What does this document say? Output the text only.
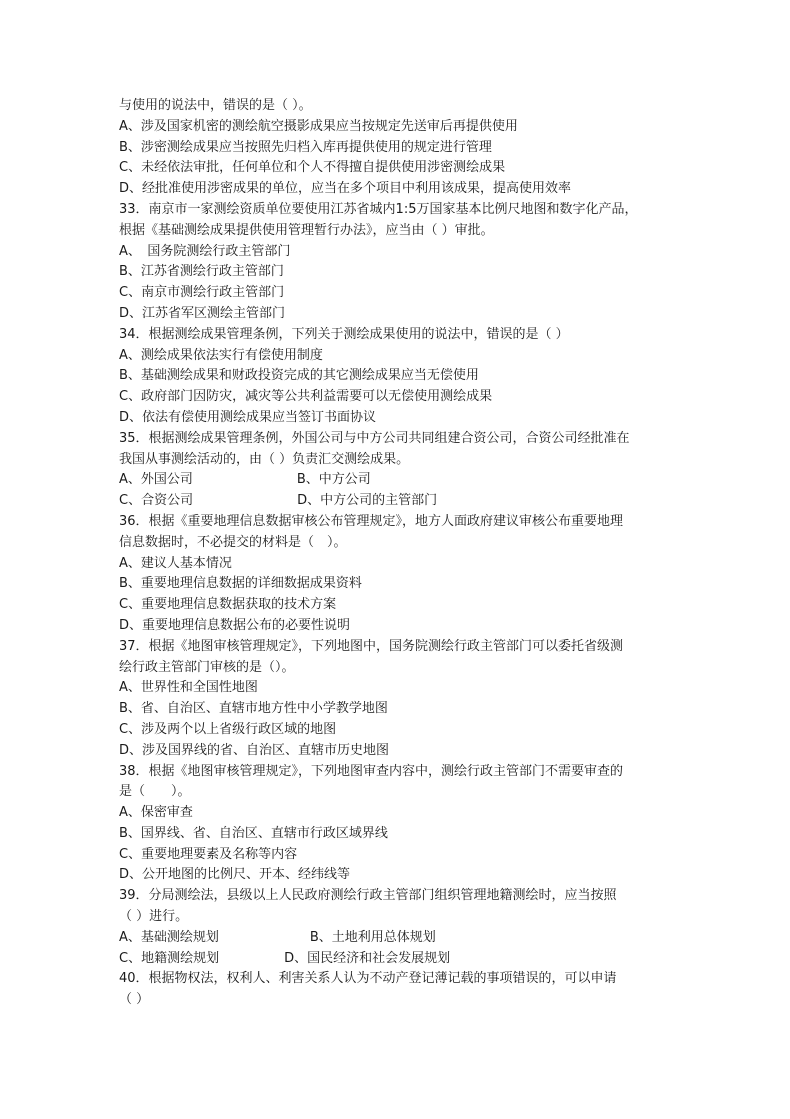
与使用的说法中，错误的是（ ）。
A、涉及国家机密的测绘航空摄影成果应当按规定先送审后再提供使用
B、涉密测绘成果应当按照先归档入库再提供使用的规定进行管理
C、未经依法审批，任何单位和个人不得擅自提供使用涉密测绘成果
D、经批准使用涉密成果的单位，应当在多个项目中利用该成果，提高使用效率
33．南京市一家测绘资质单位要使用江苏省城内1:5万国家基本比例尺地图和数字化产品，
根据《基础测绘成果提供使用管理暂行办法》，应当由（ ）审批。
A、　国务院测绘行政主管部门
B、江苏省测绘行政主管部门
C、南京市测绘行政主管部门
D、江苏省军区测绘主管部门
34．根据测绘成果管理条例，下列关于测绘成果使用的说法中，错误的是（ ）
A、测绘成果依法实行有偿使用制度
B、基础测绘成果和财政投资完成的其它测绘成果应当无偿使用
C、政府部门因防灾，减灾等公共利益需要可以无偿使用测绘成果
D、依法有偿使用测绘成果应当签订书面协议
35．根据测绘成果管理条例，外国公司与中方公司共同组建合资公司，合资公司经批准在
我国从事测绘活动的，由（ ）负责汇交测绘成果。
A、外国公司　　　　　　　　B、中方公司
C、合资公司　　　　　　　　D、中方公司的主管部门
36．根据《重要地理信息数据审核公布管理规定》，地方人面政府建议审核公布重要地理
信息数据时，不必提交的材料是（　）。
A、建议人基本情况
B、重要地理信息数据的详细数据成果资料
C、重要地理信息数据获取的技术方案
D、重要地理信息数据公布的必要性说明
37．根据《地图审核管理规定》，下列地图中，国务院测绘行政主管部门可以委托省级测
绘行政主管部门审核的是（）。
A、世界性和全国性地图
B、省、自治区、直辖市地方性中小学教学地图
C、涉及两个以上省级行政区域的地图
D、涉及国界线的省、自治区、直辖市历史地图
38．根据《地图审核管理规定》，下列地图审查内容中，测绘行政主管部门不需要审查的
是（　　）。
A、保密审查
B、国界线、省、自治区、直辖市行政区域界线
C、重要地理要素及名称等内容
D、公开地图的比例尺、开本、经纬线等
39．分局测绘法，县级以上人民政府测绘行政主管部门组织管理地籍测绘时，应当按照
（ ）进行。
A、基础测绘规划　　　　　　　B、土地利用总体规划
C、地籍测绘规划　　　　　D、国民经济和社会发展规划
40．根据物权法，权利人、利害关系人认为不动产登记薄记载的事项错误的，可以申请
（ ）
